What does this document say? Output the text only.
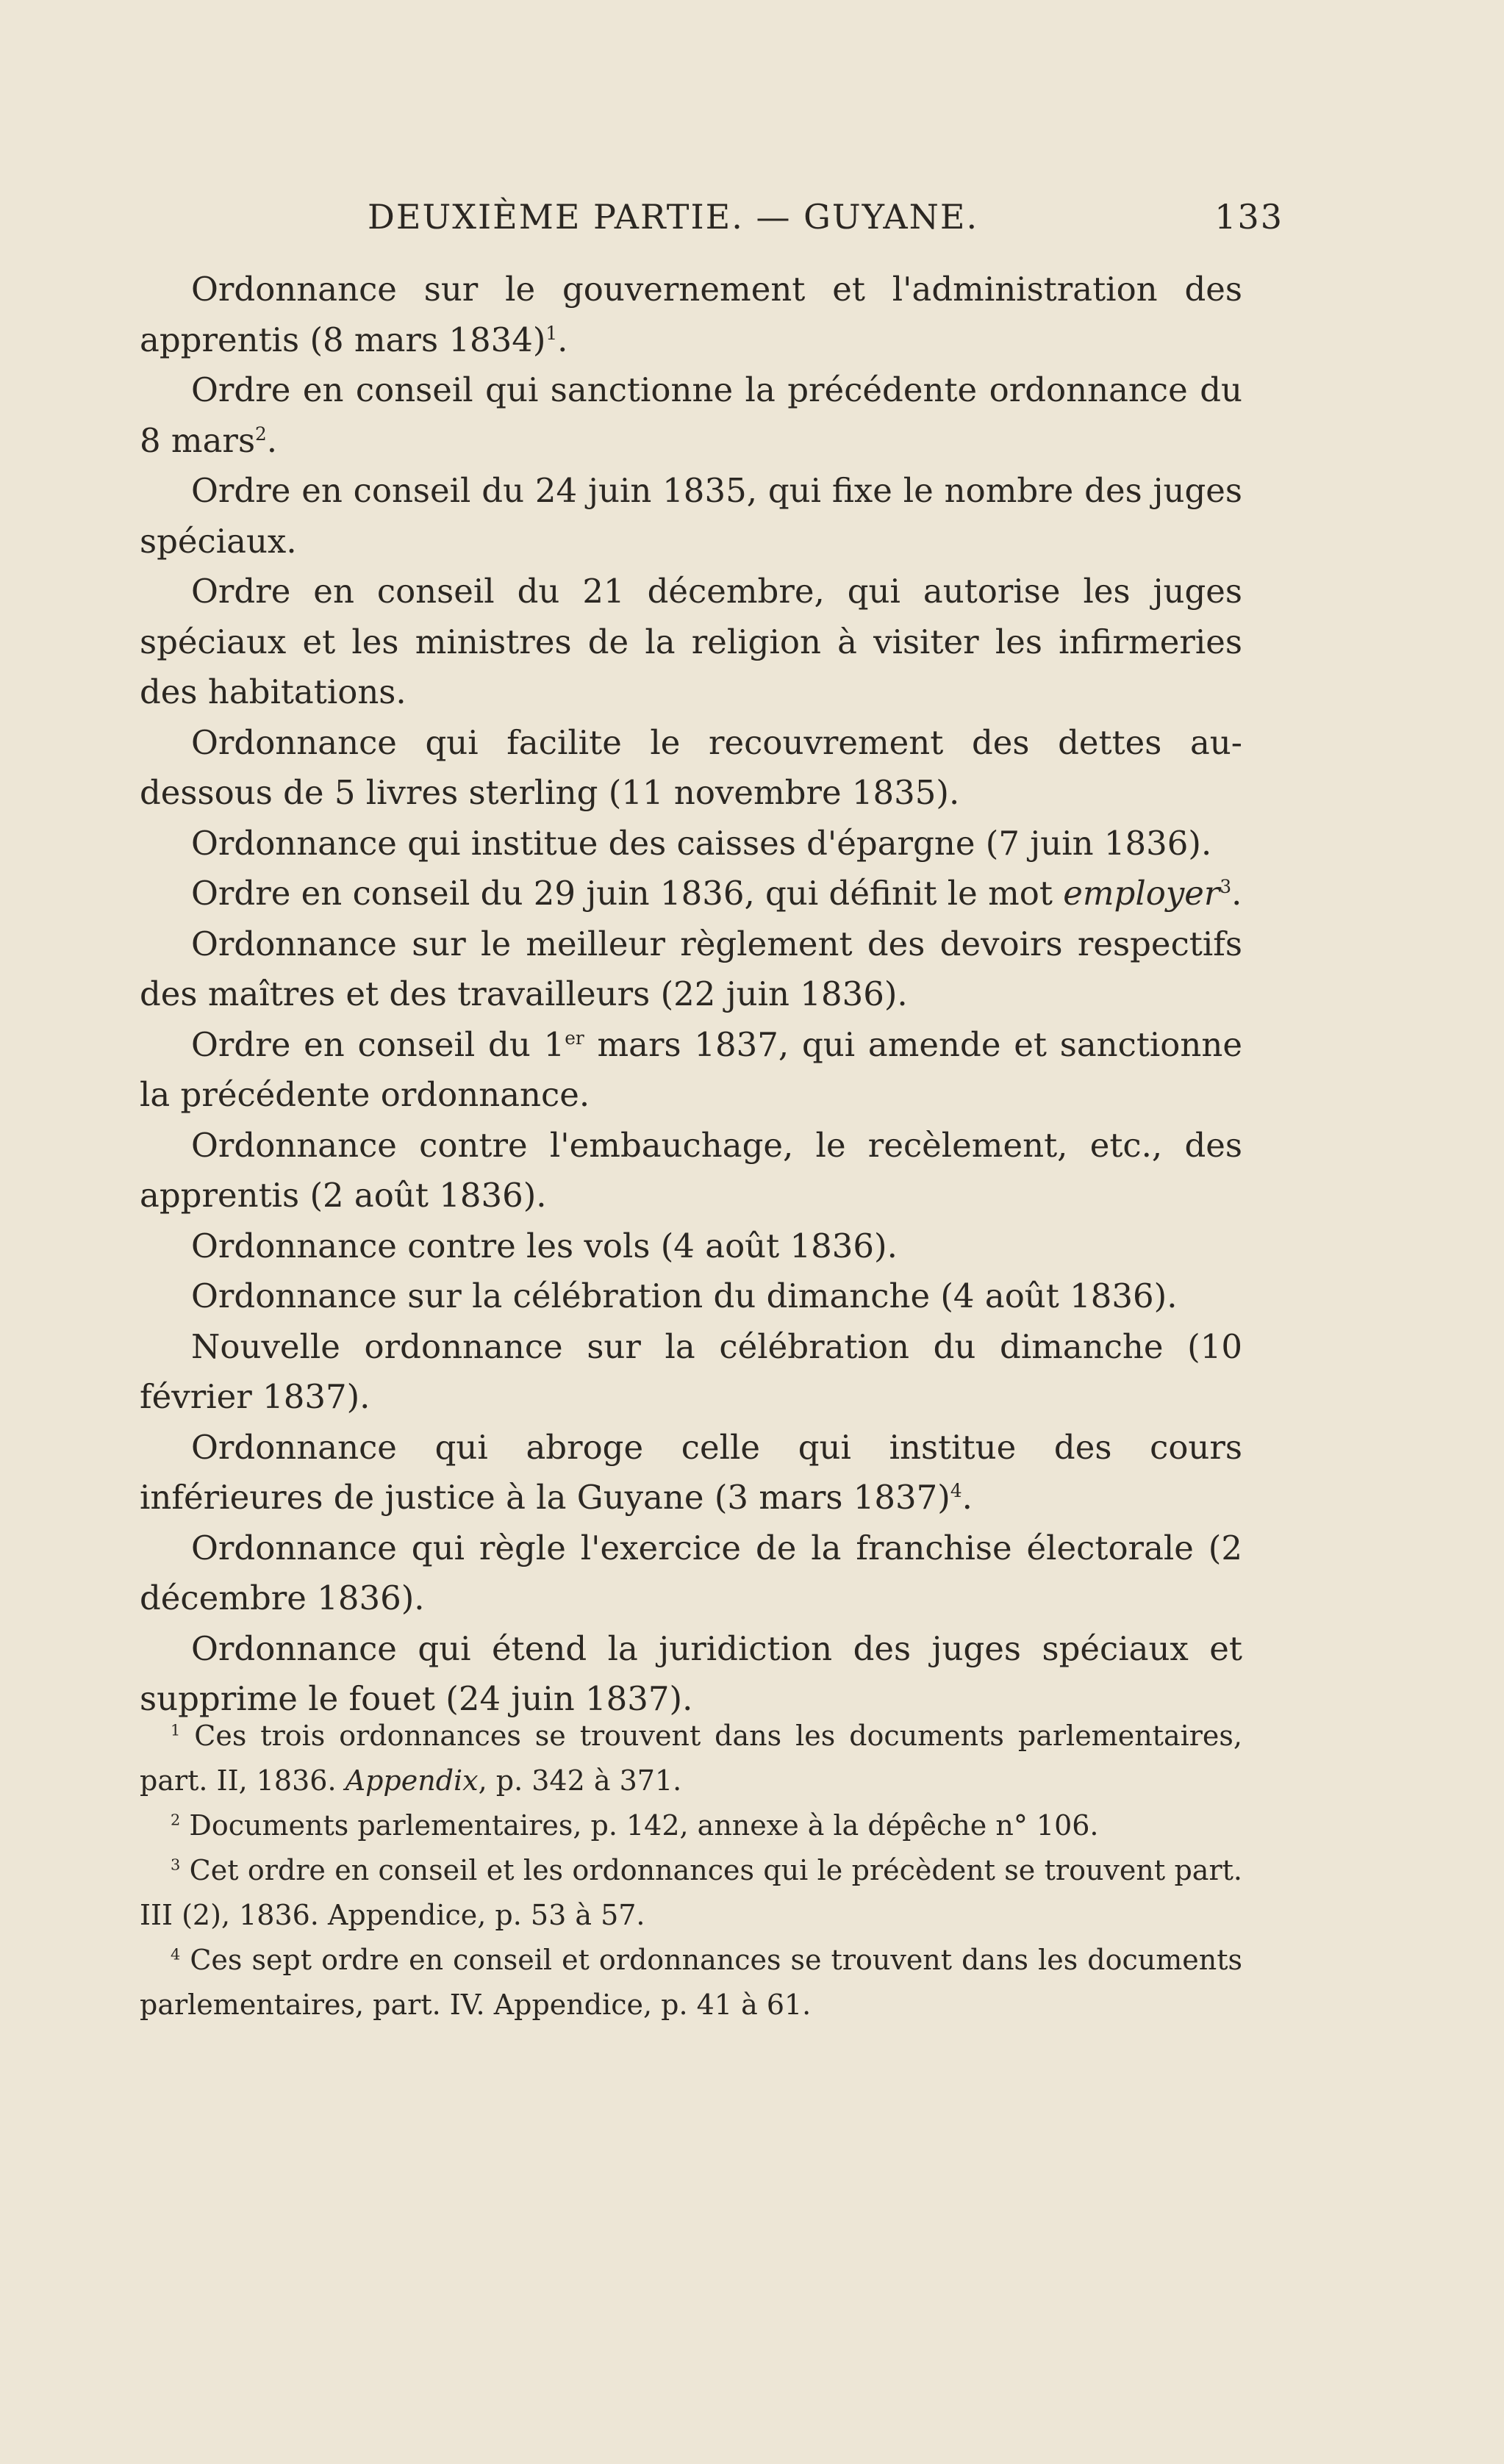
DEUXIÈME PARTIE. — GUYANE.	133

Ordonnance sur le gouvernement et l'administration des apprentis (8 mars 1834)$^1$.

Ordre en conseil qui sanctionne la précédente ordonnance du 8 mars$^2$.

Ordre en conseil du 24 juin 1835, qui fixe le nombre des juges spéciaux.

Ordre en conseil du 21 décembre, qui autorise les juges spéciaux et les ministres de la religion à visiter les infirmeries des habitations.

Ordonnance qui facilite le recouvrement des dettes au-dessous de 5 livres sterling (11 novembre 1835).

Ordonnance qui institue des caisses d'épargne (7 juin 1836).

Ordre en conseil du 29 juin 1836, qui définit le mot employer$^3$.

Ordonnance sur le meilleur règlement des devoirs respectifs des maîtres et des travailleurs (22 juin 1836).

Ordre en conseil du 1er mars 1837, qui amende et sanctionne la précédente ordonnance.

Ordonnance contre l'embauchage, le recèlement, etc., des apprentis (2 août 1836).

Ordonnance contre les vols (4 août 1836).

Ordonnance sur la célébration du dimanche (4 août 1836).

Nouvelle ordonnance sur la célébration du dimanche (10 février 1837).

Ordonnance qui abroge celle qui institue des cours inférieures de justice à la Guyane (3 mars 1837)$^4$.

Ordonnance qui règle l'exercice de la franchise électorale (2 décembre 1836).

Ordonnance qui étend la juridiction des juges spéciaux et supprime le fouet (24 juin 1837).

$^1$ Ces trois ordonnances se trouvent dans les documents parlementaires, part. II, 1836. Appendix, p. 342 à 371.

$^2$ Documents parlementaires, p. 142, annexe à la dépêche n° 106.

$^3$ Cet ordre en conseil et les ordonnances qui le précèdent se trouvent part. III (2), 1836. Appendice, p. 53 à 57.

$^4$ Ces sept ordre en conseil et ordonnances se trouvent dans les documents parlementaires, part. IV. Appendice, p. 41 à 61.
